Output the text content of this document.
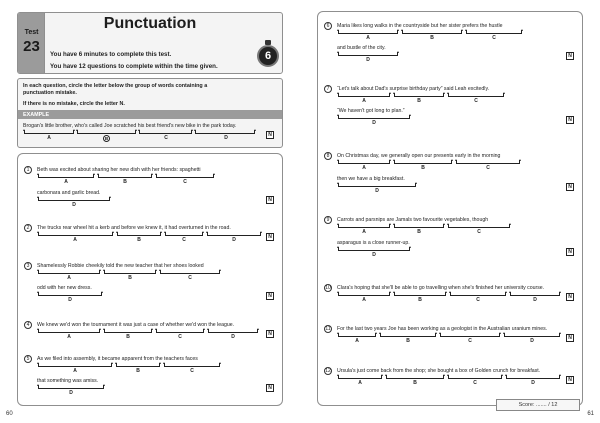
Test
23
Punctuation
You have 6 minutes to complete this test.
You have 12 questions to complete within the time given.
6
In each question, circle the letter below the group of words containing a
punctuation mistake.
If there is no mistake, circle the letter N.
EXAMPLE
Brogan's little brother, who's called Joe scratched his best friend's new bike in the park today.
A	B	C	D	N
1	Beth was excited about sharing her new dish with her friends: spaghetti
A	B	C
carbonara and garlic bread.
D
N
2	The trucks rear wheel hit a kerb and before we knew it, it had overturned in the road.
A	B	C	D	N
3	Shamelessly Robbie cheekily told the new teacher that her shoes looked
A	B	C
odd with her new dress.
D
N
4	We knew we'd won the tournament it was just a case of whether we'd won the league.
A	B	C	D	N
5	As we filed into assembly, it became apparent from the teachers faces
A	B	C
that something was amiss.
D
N
60
6	Maria likes long walks in the countryside but her sister prefers the hustle
A	B	C
and bustle of the city.
D
N
7	“Let's talk about Dad's surprise birthday party” said Leah excitedly.
A	B	C
“We haven't got long to plan.”
D	N
8	On Christmas day, we generally open our presents early in the morning
A	B	C
then we have a big breakfast.
D
N
9	Carrots and parsnips are Jamals two favourite vegetables, though
A	B	C
asparagus is a close runner-up.
D	N
10 Clara's hoping that she'll be able to go travelling when she's finished her university course.
A	B	C	D	N
11 For the last two years Joe has been working as a geologist in the Australian uranium mines.
A	B	C	D	N
12 Ursula's just come back from the shop; she bought a box of Golden crunch for breakfast.
A	B	C	D	N
Score: ....... / 12
61
